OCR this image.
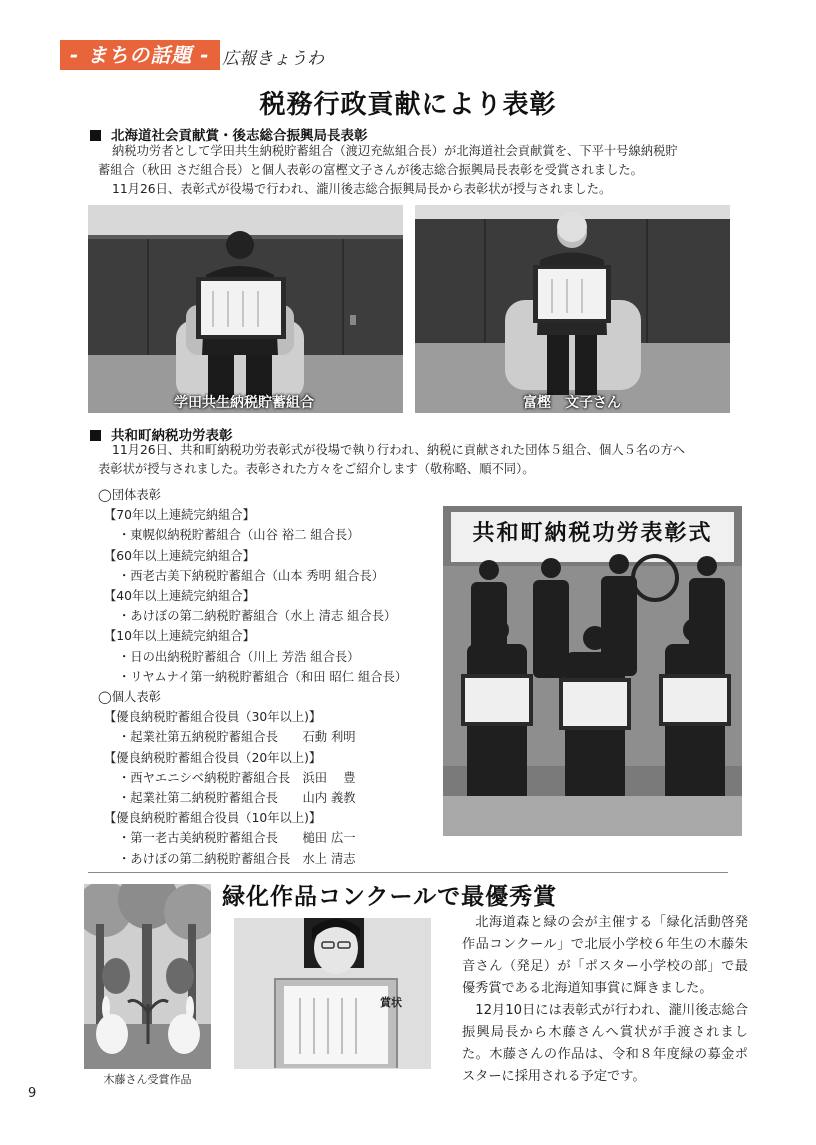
- まちの話題 - 広報きょうわ
税務行政貢献により表彰
北海道社会貢献賞・後志総合振興局長表彰
納税功労者として学田共生納税貯蓄組合（渡辺充紘組合長）が北海道社会貢献賞を、下平十号線納税貯
蓄組合（秋田 さだ組合長）と個人表彰の富樫文子さんが後志総合振興局長表彰を受賞されました。
11月26日、表彰式が役場で行われ、瀧川後志総合振興局長から表彰状が授与されました。
学田共生納税貯蓄組合	富樫　文子さん
共和町納税功労表彰
11月26日、共和町納税功労表彰式が役場で執り行われ、納税に貢献された団体５組合、個人５名の方へ
表彰状が授与されました。表彰された方々をご紹介します（敬称略、順不同）。
◯団体表彰
【70年以上連続完納組合】
・東幌似納税貯蓄組合（山谷 裕二 組合長）
【60年以上連続完納組合】
・西老古美下納税貯蓄組合（山本 秀明 組合長）
【40年以上連続完納組合】
・あけぼの第二納税貯蓄組合（水上 清志 組合長）
【10年以上連続完納組合】
・日の出納税貯蓄組合（川上 芳浩 組合長）
・リヤムナイ第一納税貯蓄組合（和田 昭仁 組合長）
◯個人表彰
【優良納税貯蓄組合役員（30年以上)】
・起業社第五納税貯蓄組合長　　石動 利明
【優良納税貯蓄組合役員（20年以上)】
・西ヤエニシベ納税貯蓄組合長　浜田　 豊
・起業社第二納税貯蓄組合長　　山内 義教
【優良納税貯蓄組合役員（10年以上)】
・第一老古美納税貯蓄組合長　　槌田 広一
・あけぼの第二納税貯蓄組合長　水上 清志
共和町納税功労表彰式
緑化作品コンクールで最優秀賞
木藤さん受賞作品
賞状

北海道森と緑の会が主催する「緑化活動啓発作品コンクール」で北辰小学校６年生の木藤朱音さん（発足）が「ポスター小学校の部」で最優秀賞である北海道知事賞に輝きました。

12月10日には表彰式が行われ、瀧川後志総合振興局長から木藤さんへ賞状が手渡されました。木藤さんの作品は、令和８年度緑の募金ポスターに採用される予定です。

9
